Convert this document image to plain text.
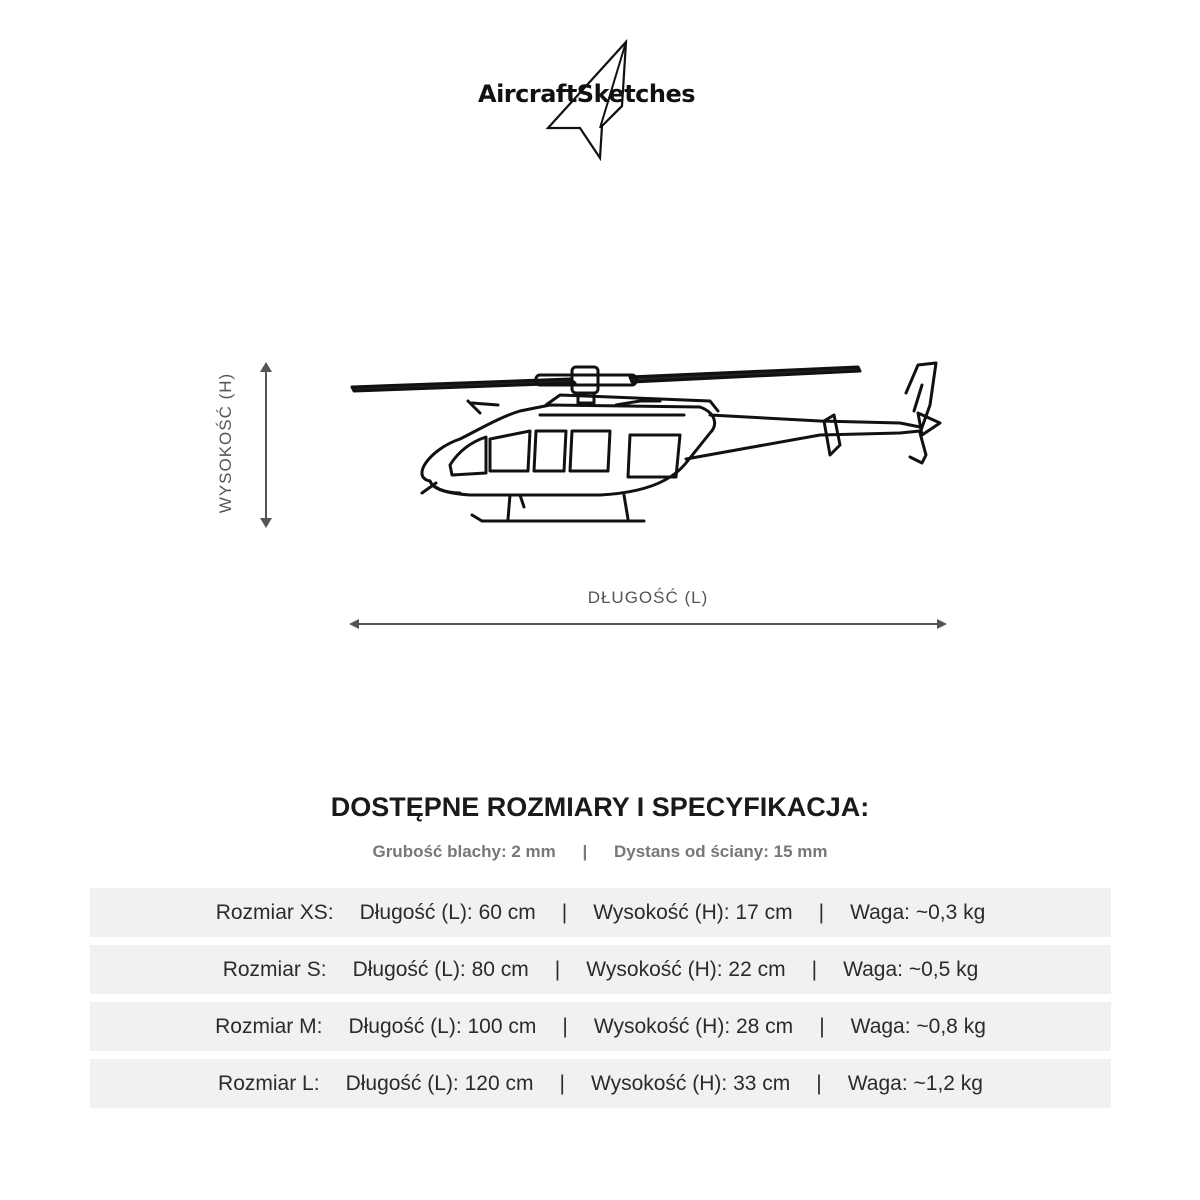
AircraftSketches
WYSOKOŚĆ (H)
DŁUGOŚĆ (L)
DOSTĘPNE ROZMIARY I SPECYFIKACJA:
Grubość blachy: 2 mm | Dystans od ściany: 15 mm
Rozmiar XS: Długość (L): 60 cm | Wysokość (H): 17 cm | Waga: ~0,3 kg
Rozmiar S: Długość (L): 80 cm | Wysokość (H): 22 cm | Waga: ~0,5 kg
Rozmiar M: Długość (L): 100 cm | Wysokość (H): 28 cm | Waga: ~0,8 kg
Rozmiar L: Długość (L): 120 cm | Wysokość (H): 33 cm | Waga: ~1,2 kg
